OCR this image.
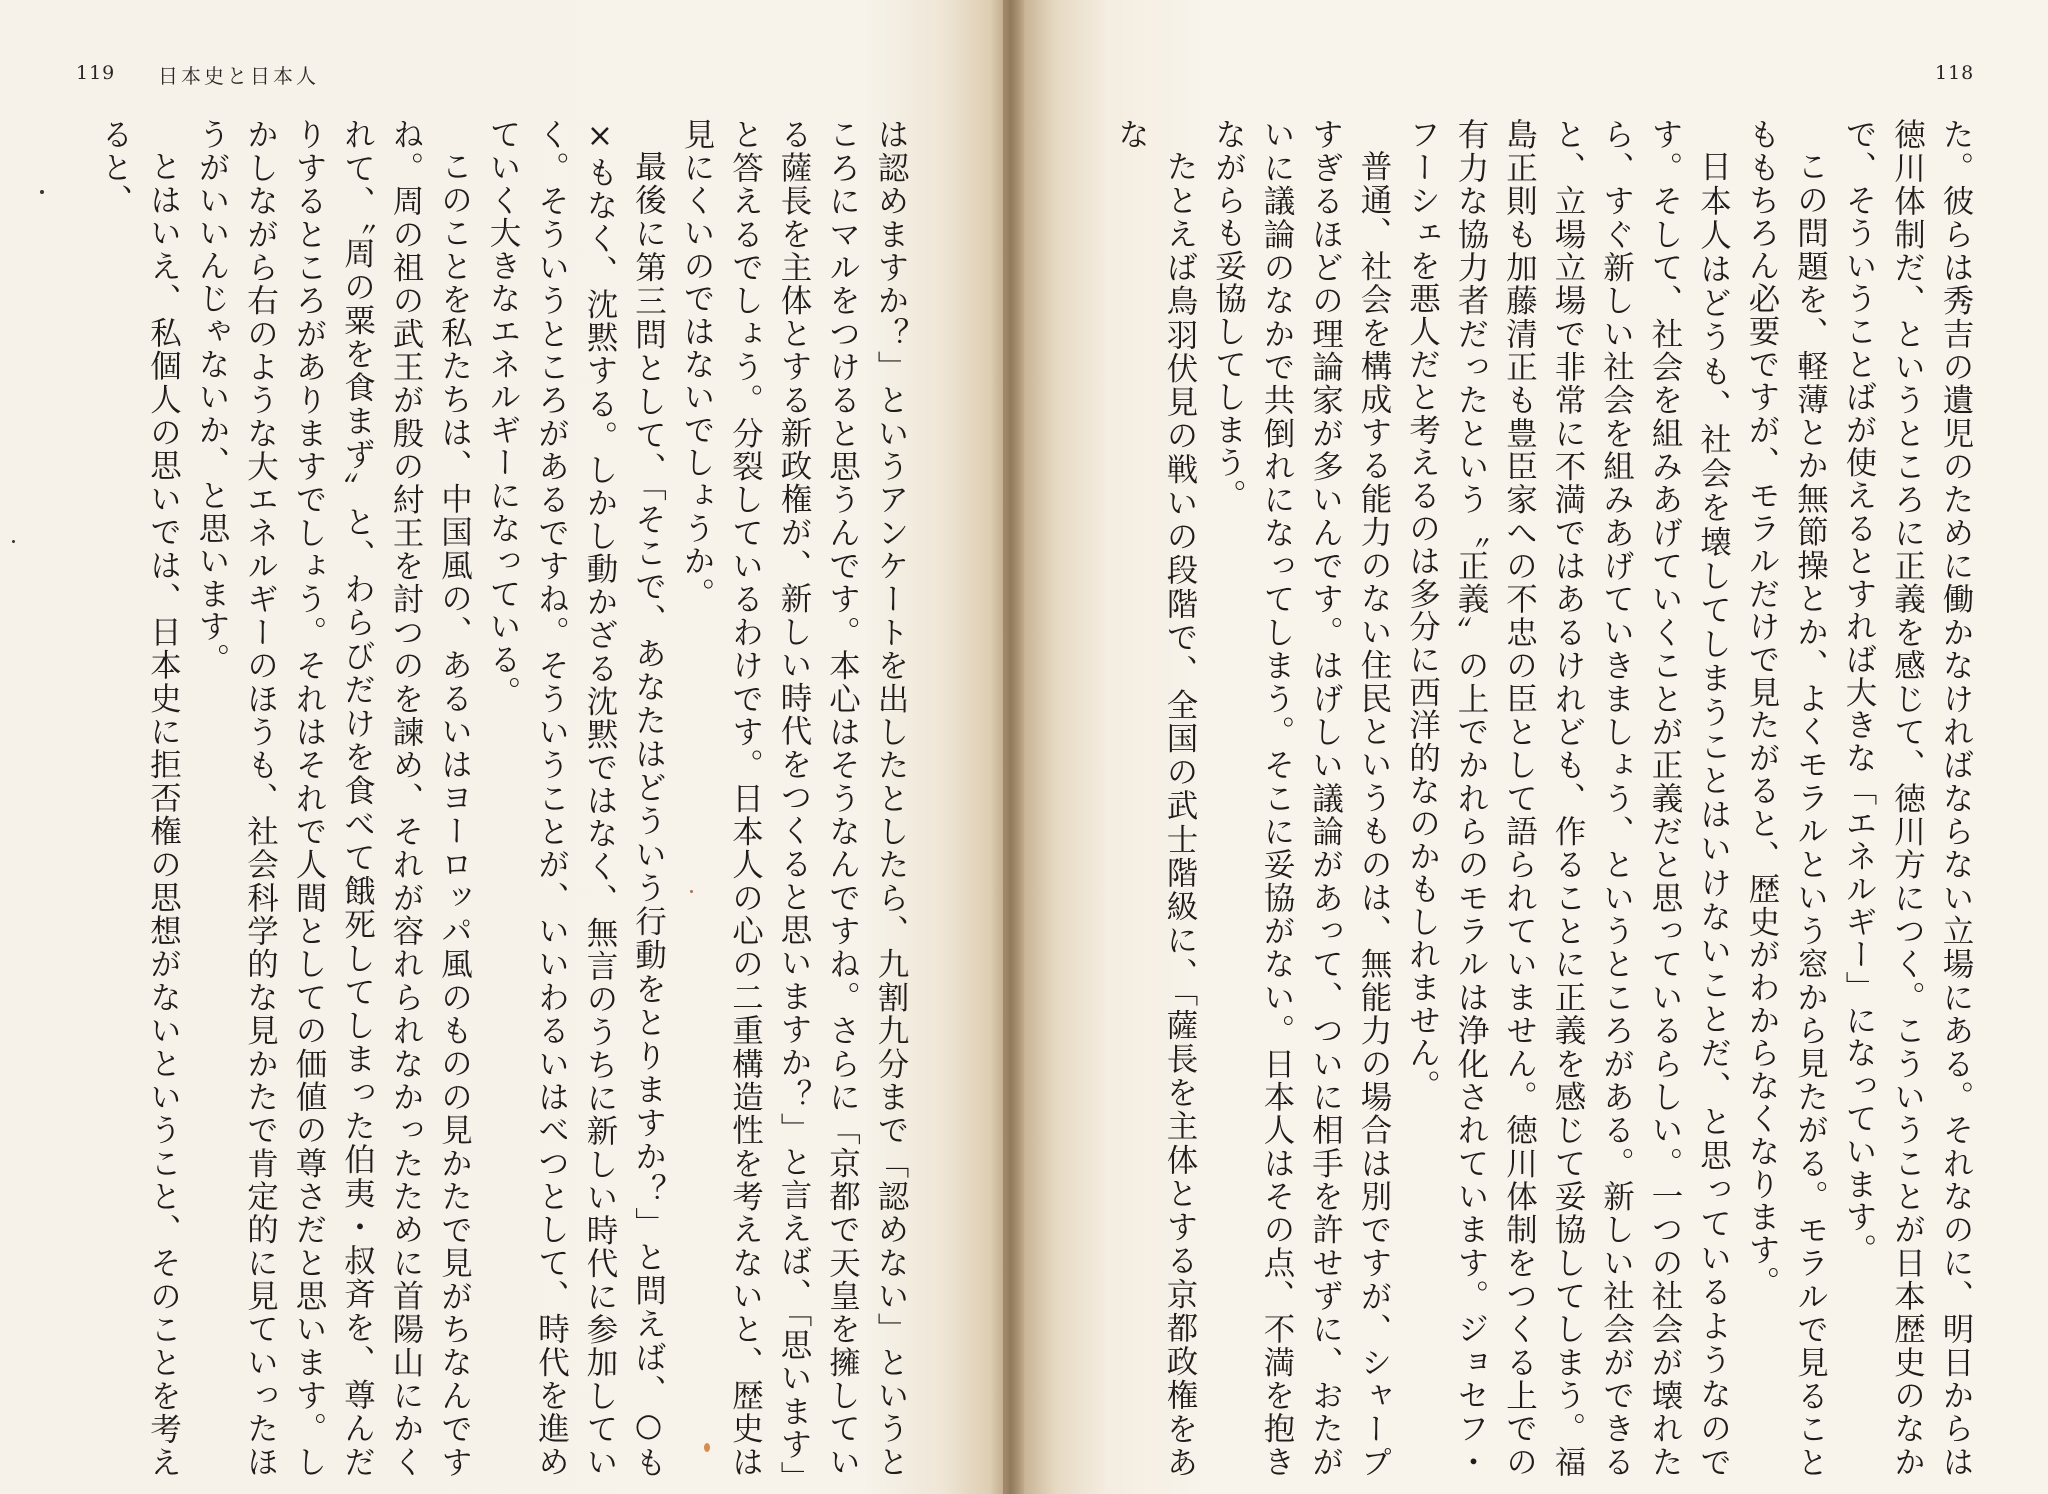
119 日本史と日本人

は認めますか？」というアンケートを出したとしたら、九割九分まで「認めない」というところにマルをつけると思うんです。本心はそうなんですね。さらに「京都で天皇を擁している薩長を主体とする新政権が、新しい時代をつくると思いますか？」と言えば、「思います」と答えるでしょう。分裂しているわけです。日本人の心の二重構造性を考えないと、歴史は見にくいのではないでしょうか。

最後に第三問として、「そこで、あなたはどういう行動をとりますか？」と問えば、○も×もなく、沈黙する。しかし動かざる沈黙ではなく、無言のうちに新しい時代に参加していく。そういうところがあるですね。そういうことが、いいわるいはべつとして、時代を進めていく大きなエネルギーになっている。

このことを私たちは、中国風の、あるいはヨーロッパ風のものの見かたで見がちなんですね。周の祖の武王が殷の紂王を討つのを諫め、それが容れられなかったために首陽山にかくれて、〝周の粟を食まず〟と、わらびだけを食べて餓死してしまった伯夷・叔斉を、尊んだりするところがありますでしょう。それはそれで人間としての価値の尊さだと思います。しかしながら右のような大エネルギーのほうも、社会科学的な見かたで肯定的に見ていったほうがいいんじゃないか、と思います。

とはいえ、私個人の思いでは、日本史に拒否権の思想がないということ、そのことを考えると、	た。彼らは秀吉の遺児のために働かなければならない立場にある。それなのに、明日からは徳川体制だ、というところに正義を感じて、徳川方につく。こういうことが日本歴史のなかで、そういうことばが使えるとすれば大きな「エネルギー」になっています。

この問題を、軽薄とか無節操とか、よくモラルという窓から見たがる。モラルで見ることももちろん必要ですが、モラルだけで見たがると、歴史がわからなくなります。

日本人はどうも、社会を壊してしまうことはいけないことだ、と思っているようなのです。そして、社会を組みあげていくことが正義だと思っているらしい。一つの社会が壊れたら、すぐ新しい社会を組みあげていきましょう、というところがある。新しい社会ができると、立場立場で非常に不満ではあるけれども、作ることに正義を感じて妥協してしまう。福島正則も加藤清正も豊臣家への不忠の臣として語られていません。徳川体制をつくる上での有力な協力者だったという〝正義〟の上でかれらのモラルは浄化されています。ジョセフ・フーシェを悪人だと考えるのは多分に西洋的なのかもしれません。

普通、社会を構成する能力のない住民というものは、無能力の場合は別ですが、シャープすぎるほどの理論家が多いんです。はげしい議論があって、ついに相手を許せずに、おたがいに議論のなかで共倒れになってしまう。そこに妥協がない。日本人はその点、不満を抱きながらも妥協してしまう。

たとえば鳥羽伏見の戦いの段階で、全国の武士階級に、「薩長を主体とする京都政権をあな

118
